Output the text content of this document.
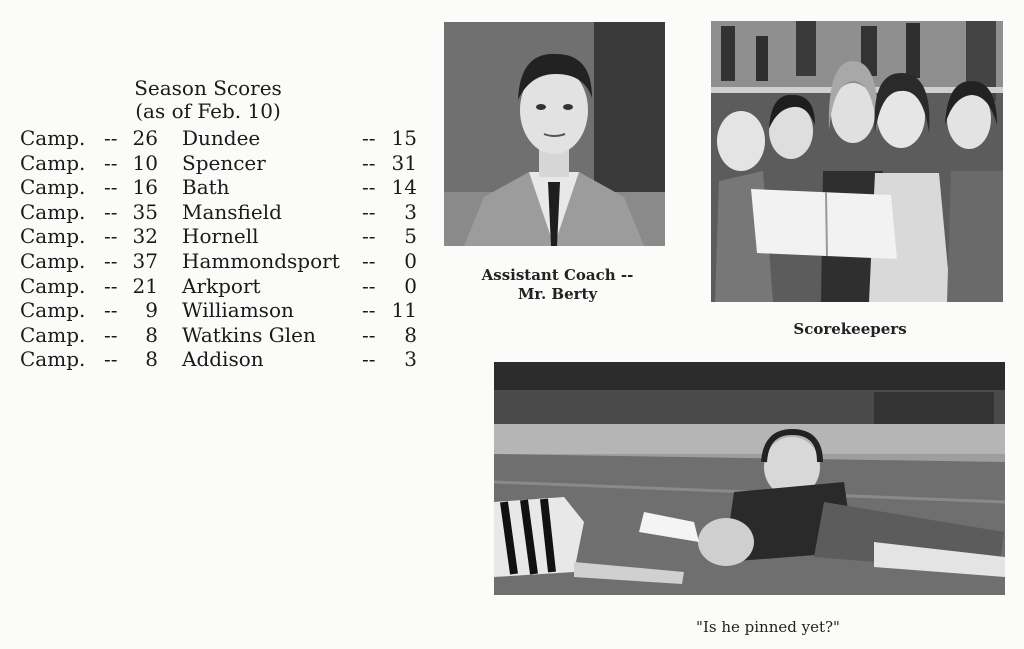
Season Scores
(as of Feb. 10)
Camp. -- 26 Dundee	-- 15
Camp. -- 10 Spencer	-- 31
Camp. -- 16 Bath	-- 14
Camp. -- 35 Mansfield	--	3
Camp. -- 32 Hornell	--	5
Camp. -- 37 Hammondsport --	0
Camp. -- 21 Arkport	--	0
Camp. --	9 Williamson	-- 11
Camp. --	8 Watkins Glen --	8
Camp. --	8 Addison	--	3
Assistant Coach --
Mr. Berty
Scorekeepers
"Is he pinned yet?"
